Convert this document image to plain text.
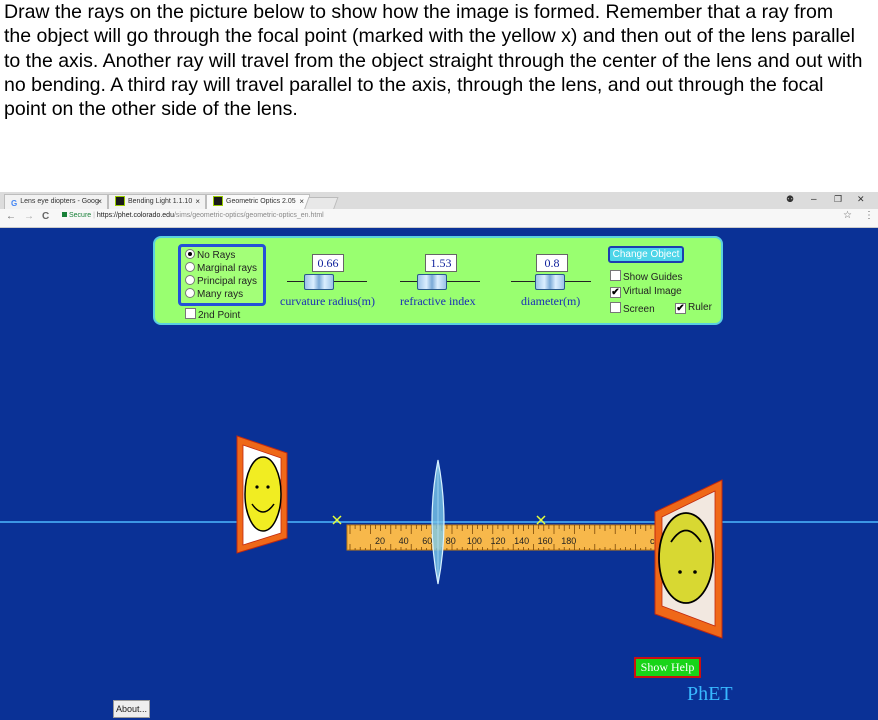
Draw the rays on the picture below to show how the image is formed. Remember that a ray from the object will go through the focal point (marked with the yellow x) and then out of the lens parallel to the axis. Another ray will travel from the object straight through the center of the lens and out with no bending. A third ray will travel parallel to the axis, through the lens, and out through the focal point on the other side of the lens.
G Lens eye diopters - Goog
×	Bending Light 1.1.10 ×	Geometric Optics 2.05 ×	⚉ – ❐ ✕
← → C	Secure | https://phet.colorado.edu/sims/geometric-optics/geometric-optics_en.html	☆ ⋮
20 40 60 80 100 120 140 160 180	c
No Rays
Marginal rays
Principal rays
Many rays
2nd Point
0.66
curvature radius(m)
1.53
refractive index
0.8
diameter(m)
Change Object
Show Guides
✔ Virtual Image
Screen ✔ Ruler
Show Help
PhET
About...
